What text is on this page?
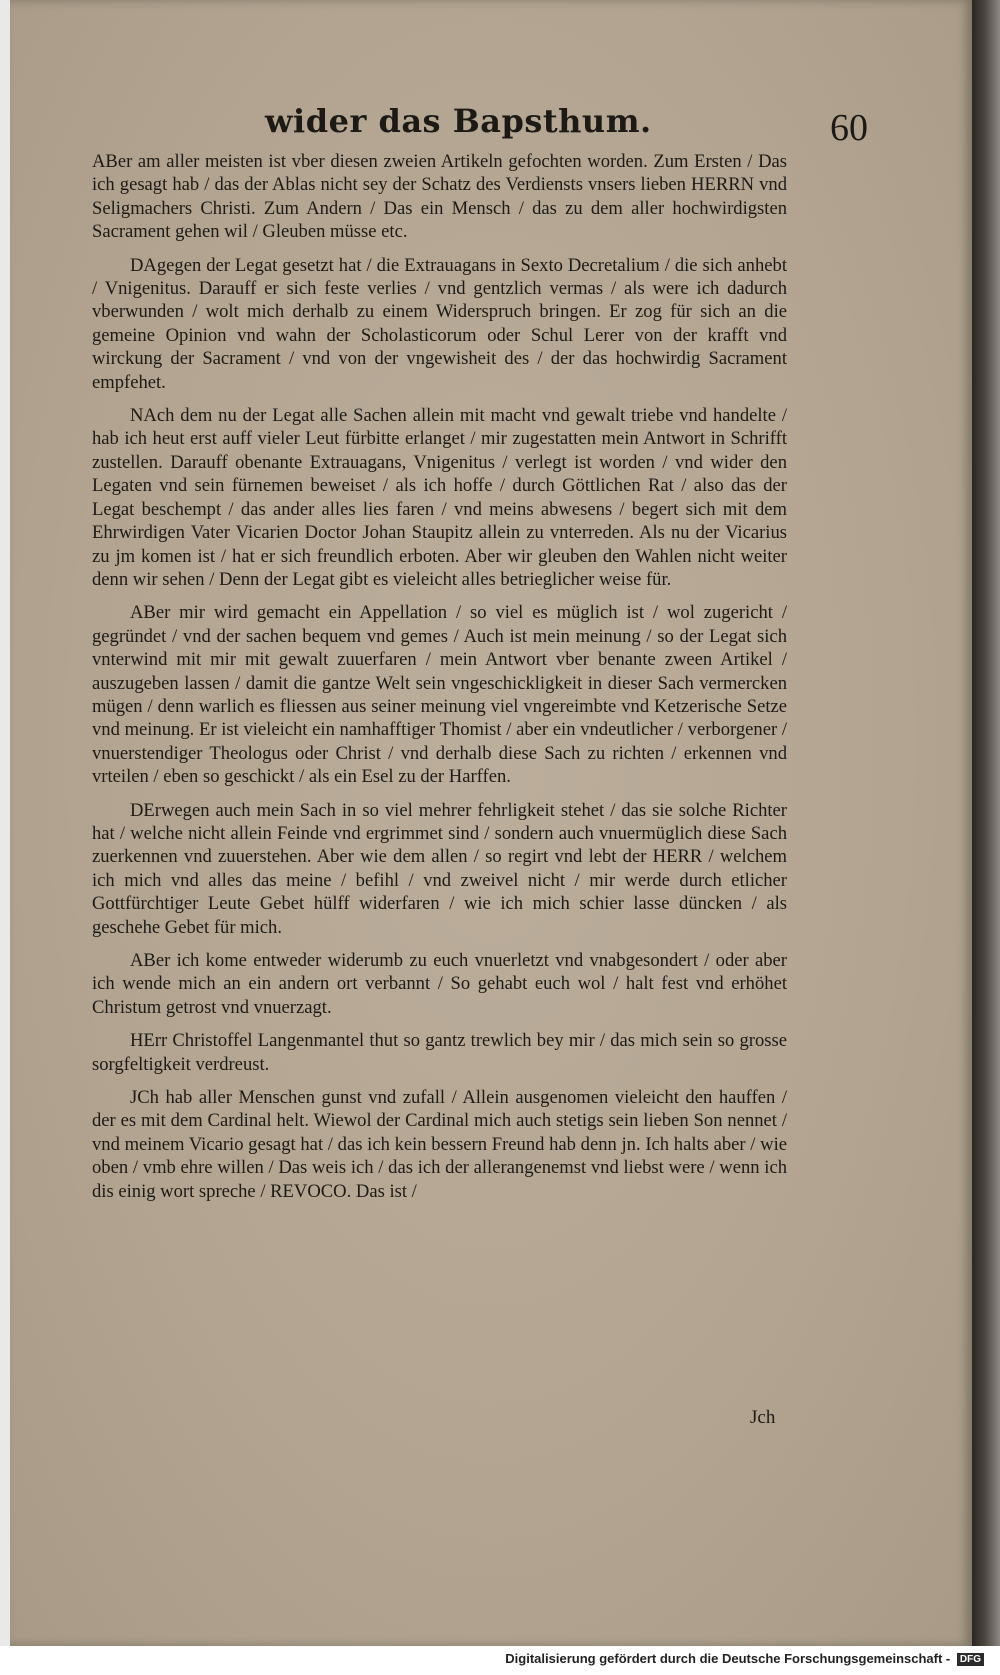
wider das Bapsthum.	60

ABer am aller meisten ist vber diesen zweien Artikeln gefochten worden. Zum Ersten / Das ich gesagt hab / das der Ablas nicht sey der Schatz des Verdiensts vnsers lieben HERRN vnd Seligmachers Christi. Zum Andern / Das ein Mensch / das zu dem aller hochwirdigsten Sacrament gehen wil / Gleuben müsse etc.

DAgegen der Legat gesetzt hat / die Extrauagans in Sexto Decretalium / die sich anhebt / Vnigenitus. Darauff er sich feste verlies / vnd gentzlich vermas / als were ich dadurch vberwunden / wolt mich derhalb zu einem Widerspruch bringen. Er zog für sich an die gemeine Opinion vnd wahn der Scholasticorum oder Schul Lerer von der krafft vnd wirckung der Sacrament / vnd von der vngewisheit des / der das hochwirdig Sacrament empfehet.

NAch dem nu der Legat alle Sachen allein mit macht vnd gewalt triebe vnd handelte / hab ich heut erst auff vieler Leut fürbitte erlanget / mir zugestatten mein Antwort in Schrifft zustellen. Darauff obenante Extrauagans, Vnigenitus / verlegt ist worden / vnd wider den Legaten vnd sein fürnemen beweiset / als ich hoffe / durch Göttlichen Rat / also das der Legat beschempt / das ander alles lies faren / vnd meins abwesens / begert sich mit dem Ehrwirdigen Vater Vicarien Doctor Johan Staupitz allein zu vnterreden. Als nu der Vicarius zu jm komen ist / hat er sich freundlich erboten. Aber wir gleuben den Wahlen nicht weiter denn wir sehen / Denn der Legat gibt es vieleicht alles betrieglicher weise für.

ABer mir wird gemacht ein Appellation / so viel es müglich ist / wol zugericht / gegründet / vnd der sachen bequem vnd gemes / Auch ist mein meinung / so der Legat sich vnterwind mit mir mit gewalt zuuerfaren / mein Antwort vber benante zween Artikel / auszugeben lassen / damit die gantze Welt sein vngeschickligkeit in dieser Sach vermercken mügen / denn warlich es fliessen aus seiner meinung viel vngereimbte vnd Ketzerische Setze vnd meinung. Er ist vieleicht ein namhafftiger Thomist / aber ein vndeutlicher / verborgener / vnuerstendiger Theologus oder Christ / vnd derhalb diese Sach zu richten / erkennen vnd vrteilen / eben so geschickt / als ein Esel zu der Harffen.

DErwegen auch mein Sach in so viel mehrer fehrligkeit stehet / das sie solche Richter hat / welche nicht allein Feinde vnd ergrimmet sind / sondern auch vnuermüglich diese Sach zuerkennen vnd zuuerstehen. Aber wie dem allen / so regirt vnd lebt der HERR / welchem ich mich vnd alles das meine / befihl / vnd zweivel nicht / mir werde durch etlicher Gottfürchtiger Leute Gebet hülff widerfaren / wie ich mich schier lasse düncken / als geschehe Gebet für mich.

ABer ich kome entweder widerumb zu euch vnuerletzt vnd vnabgesondert / oder aber ich wende mich an ein andern ort verbannt / So gehabt euch wol / halt fest vnd erhöhet Christum getrost vnd vnuerzagt.

HErr Christoffel Langenmantel thut so gantz trewlich bey mir / das mich sein so grosse sorgfeltigkeit verdreust.

JCh hab aller Menschen gunst vnd zufall / Allein ausgenomen vieleicht den hauffen / der es mit dem Cardinal helt. Wiewol der Cardinal mich auch stetigs sein lieben Son nennet / vnd meinem Vicario gesagt hat / das ich kein bessern Freund hab denn jn. Ich halts aber / wie oben / vmb ehre willen / Das weis ich / das ich der allerangenemst vnd liebst were / wenn ich dis einig wort spreche / REVOCO. Das ist /

Jch
Digitalisierung gefördert durch die Deutsche Forschungsgemeinschaft - DFG
